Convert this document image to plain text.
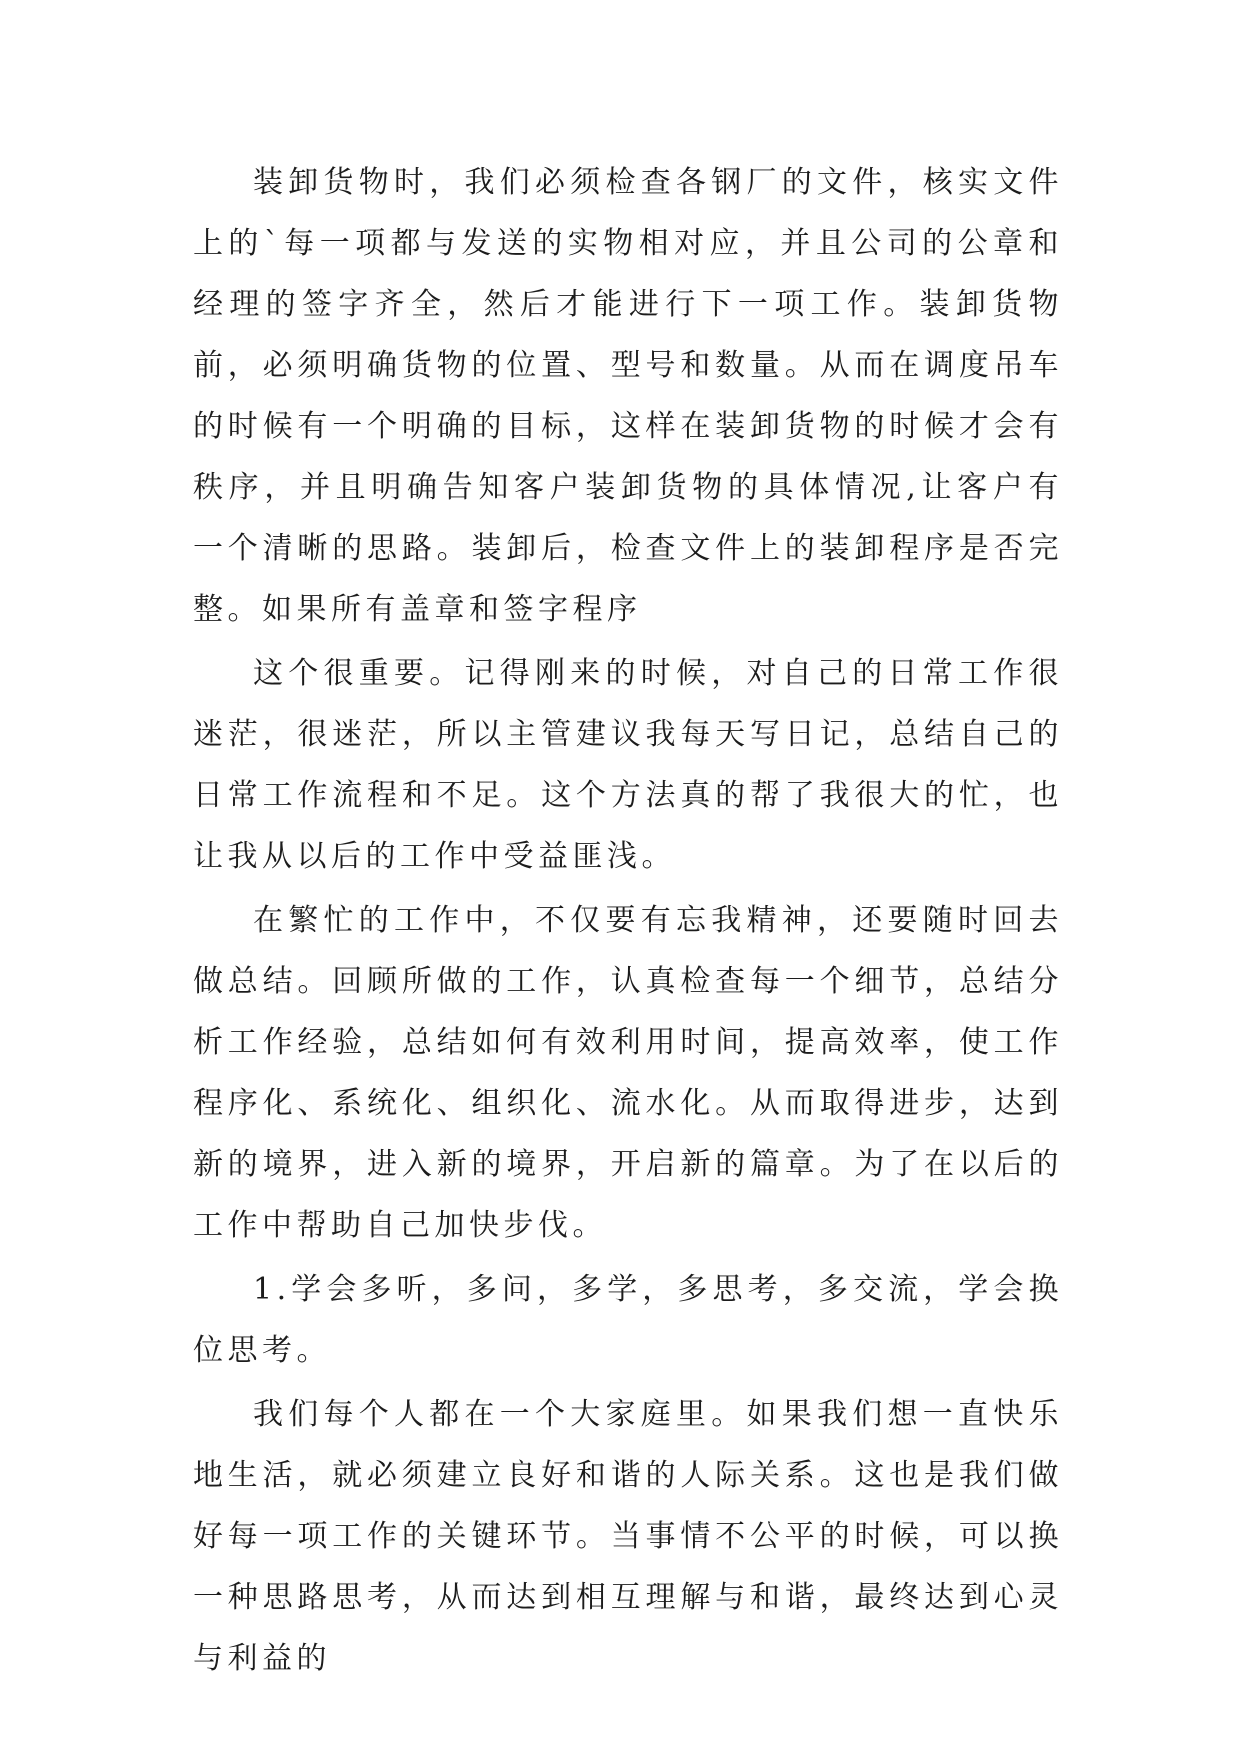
装卸货物时，我们必须检查各钢厂的文件，核实文件上的`每一项都与发送的实物相对应，并且公司的公章和经理的签字齐全，然后才能进行下一项工作。装卸货物前，必须明确货物的位置、型号和数量。从而在调度吊车的时候有一个明确的目标，这样在装卸货物的时候才会有秩序，并且明确告知客户装卸货物的具体情况,让客户有一个清晰的思路。装卸后，检查文件上的装卸程序是否完整。如果所有盖章和签字程序

这个很重要。记得刚来的时候，对自己的日常工作很迷茫，很迷茫，所以主管建议我每天写日记，总结自己的日常工作流程和不足。这个方法真的帮了我很大的忙，也让我从以后的工作中受益匪浅。

在繁忙的工作中，不仅要有忘我精神，还要随时回去做总结。回顾所做的工作，认真检查每一个细节，总结分析工作经验，总结如何有效利用时间，提高效率，使工作程序化、系统化、组织化、流水化。从而取得进步，达到新的境界，进入新的境界，开启新的篇章。为了在以后的工作中帮助自己加快步伐。

1.学会多听，多问，多学，多思考，多交流，学会换位思考。

我们每个人都在一个大家庭里。如果我们想一直快乐地生活，就必须建立良好和谐的人际关系。这也是我们做好每一项工作的关键环节。当事情不公平的时候，可以换一种思路思考，从而达到相互理解与和谐，最终达到心灵与利益的
